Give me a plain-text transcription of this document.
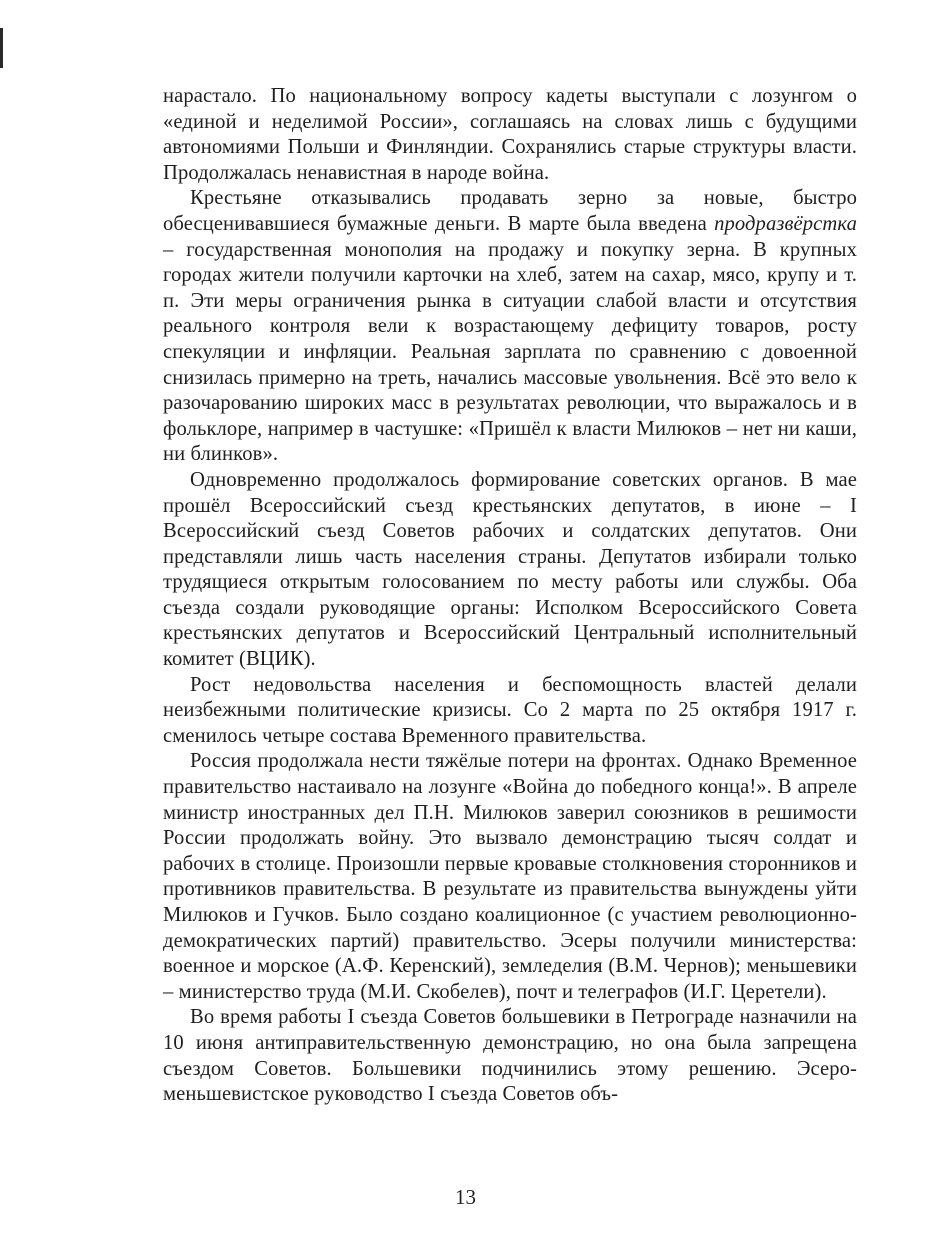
нарастало. По национальному вопросу кадеты выступали с лозунгом о «единой и неделимой России», соглашаясь на словах лишь с будущими автономиями Польши и Финляндии. Сохранялись старые структуры власти. Продолжалась ненавистная в народе война.

Крестьяне отказывались продавать зерно за новые, быстро обесценивавшиеся бумажные деньги. В марте была введена продразвёрстка – государственная монополия на продажу и покупку зерна. В крупных городах жители получили карточки на хлеб, затем на сахар, мясо, крупу и т. п. Эти меры ограничения рынка в ситуации слабой власти и отсутствия реального контроля вели к возрастающему дефициту товаров, росту спекуляции и инфляции. Реальная зарплата по сравнению с довоенной снизилась примерно на треть, начались массовые увольнения. Всё это вело к разочарованию широких масс в результатах революции, что выражалось и в фольклоре, например в частушке: «Пришёл к власти Милюков – нет ни каши, ни блинков».

Одновременно продолжалось формирование советских органов. В мае прошёл Всероссийский съезд крестьянских депутатов, в июне – I Всероссийский съезд Советов рабочих и солдатских депутатов. Они представляли лишь часть населения страны. Депутатов избирали только трудящиеся открытым голосованием по месту работы или службы. Оба съезда создали руководящие органы: Исполком Всероссийского Совета крестьянских депутатов и Всероссийский Центральный исполнительный комитет (ВЦИК).

Рост недовольства населения и беспомощность властей делали неизбежными политические кризисы. Со 2 марта по 25 октября 1917 г. сменилось четыре состава Временного правительства.

Россия продолжала нести тяжёлые потери на фронтах. Однако Временное правительство настаивало на лозунге «Война до победного конца!». В апреле министр иностранных дел П.Н. Милюков заверил союзников в решимости России продолжать войну. Это вызвало демонстрацию тысяч солдат и рабочих в столице. Произошли первые кровавые столкновения сторонников и противников правительства. В результате из правительства вынуждены уйти Милюков и Гучков. Было создано коалиционное (с участием революционно-демократических партий) правительство. Эсеры получили министерства: военное и морское (А.Ф. Керенский), земледелия (В.М. Чернов); меньшевики – министерство труда (М.И. Скобелев), почт и телеграфов (И.Г. Церетели).

Во время работы I съезда Советов большевики в Петрограде назначили на 10 июня антиправительственную демонстрацию, но она была запрещена съездом Советов. Большевики подчинились этому решению. Эсеро-меньшевистское руководство I съезда Советов объ-

13
